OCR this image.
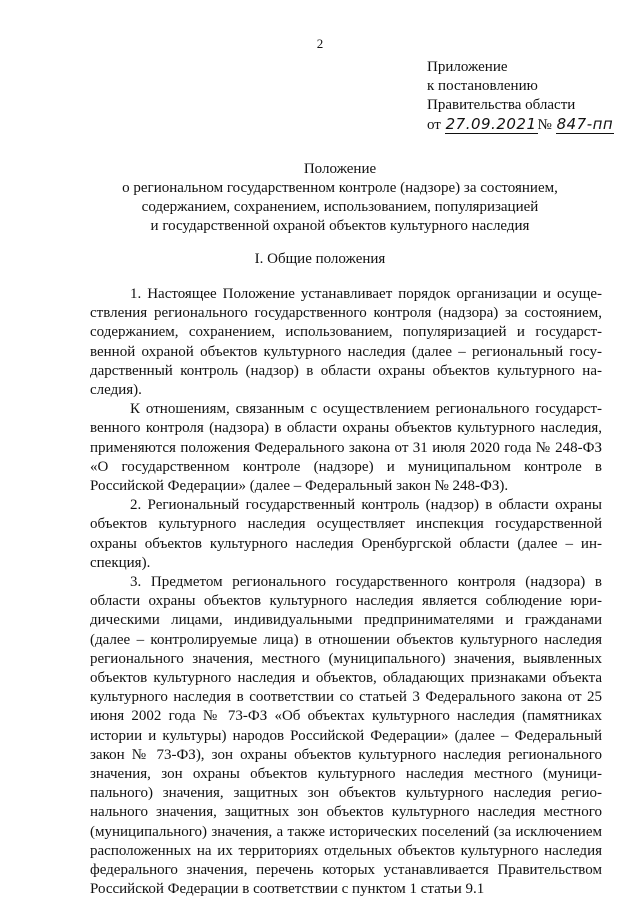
2
Приложение
к постановлению
Правительства области
от 27.09.2021№ 847-пп
Положение
о региональном государственном контроле (надзоре) за состоянием,
содержанием, сохранением, использованием, популяризацией
и государственной охраной объектов культурного наследия
I. Общие положения

1. Настоящее Положение устанавливает порядок организации и осуществления регионального государственного контроля (надзора) за состоянием, содержанием, сохранением, использованием, популяризацией и государственной охраной объектов культурного наследия (далее – региональный государственный контроль (надзор) в области охраны объектов культурного наследия).

К отношениям, связанным с осуществлением регионального государственного контроля (надзора) в области охраны объектов культурного наследия, применяются положения Федерального закона от 31 июля 2020 года № 248-ФЗ «О государственном контроле (надзоре) и муниципальном контроле в Российской Федерации» (далее – Федеральный закон № 248-ФЗ).

2. Региональный государственный контроль (надзор) в области охраны объектов культурного наследия осуществляет инспекция государственной охраны объектов культурного наследия Оренбургской области (далее – инспекция).

3. Предметом регионального государственного контроля (надзора) в области охраны объектов культурного наследия является соблюдение юридическими лицами, индивидуальными предпринимателями и гражданами (далее – контролируемые лица) в отношении объектов культурного наследия регионального значения, местного (муниципального) значения, выявленных объектов культурного наследия и объектов, обладающих признаками объекта культурного наследия в соответствии со статьей 3 Федерального закона от 25 июня 2002 года № 73-ФЗ «Об объектах культурного наследия (памятниках истории и культуры) народов Российской Федерации» (далее – Федеральный закон № 73-ФЗ), зон охраны объектов культурного наследия регионального значения, зон охраны объектов культурного наследия местного (муниципального) значения, защитных зон объектов культурного наследия регионального значения, защитных зон объектов культурного наследия местного (муниципального) значения, а также исторических поселений (за исключением расположенных на их территориях отдельных объектов культурного наследия федерального значения, перечень которых устанавливается Правительством Российской Федерации в соответствии с пунктом 1 статьи 9.1
